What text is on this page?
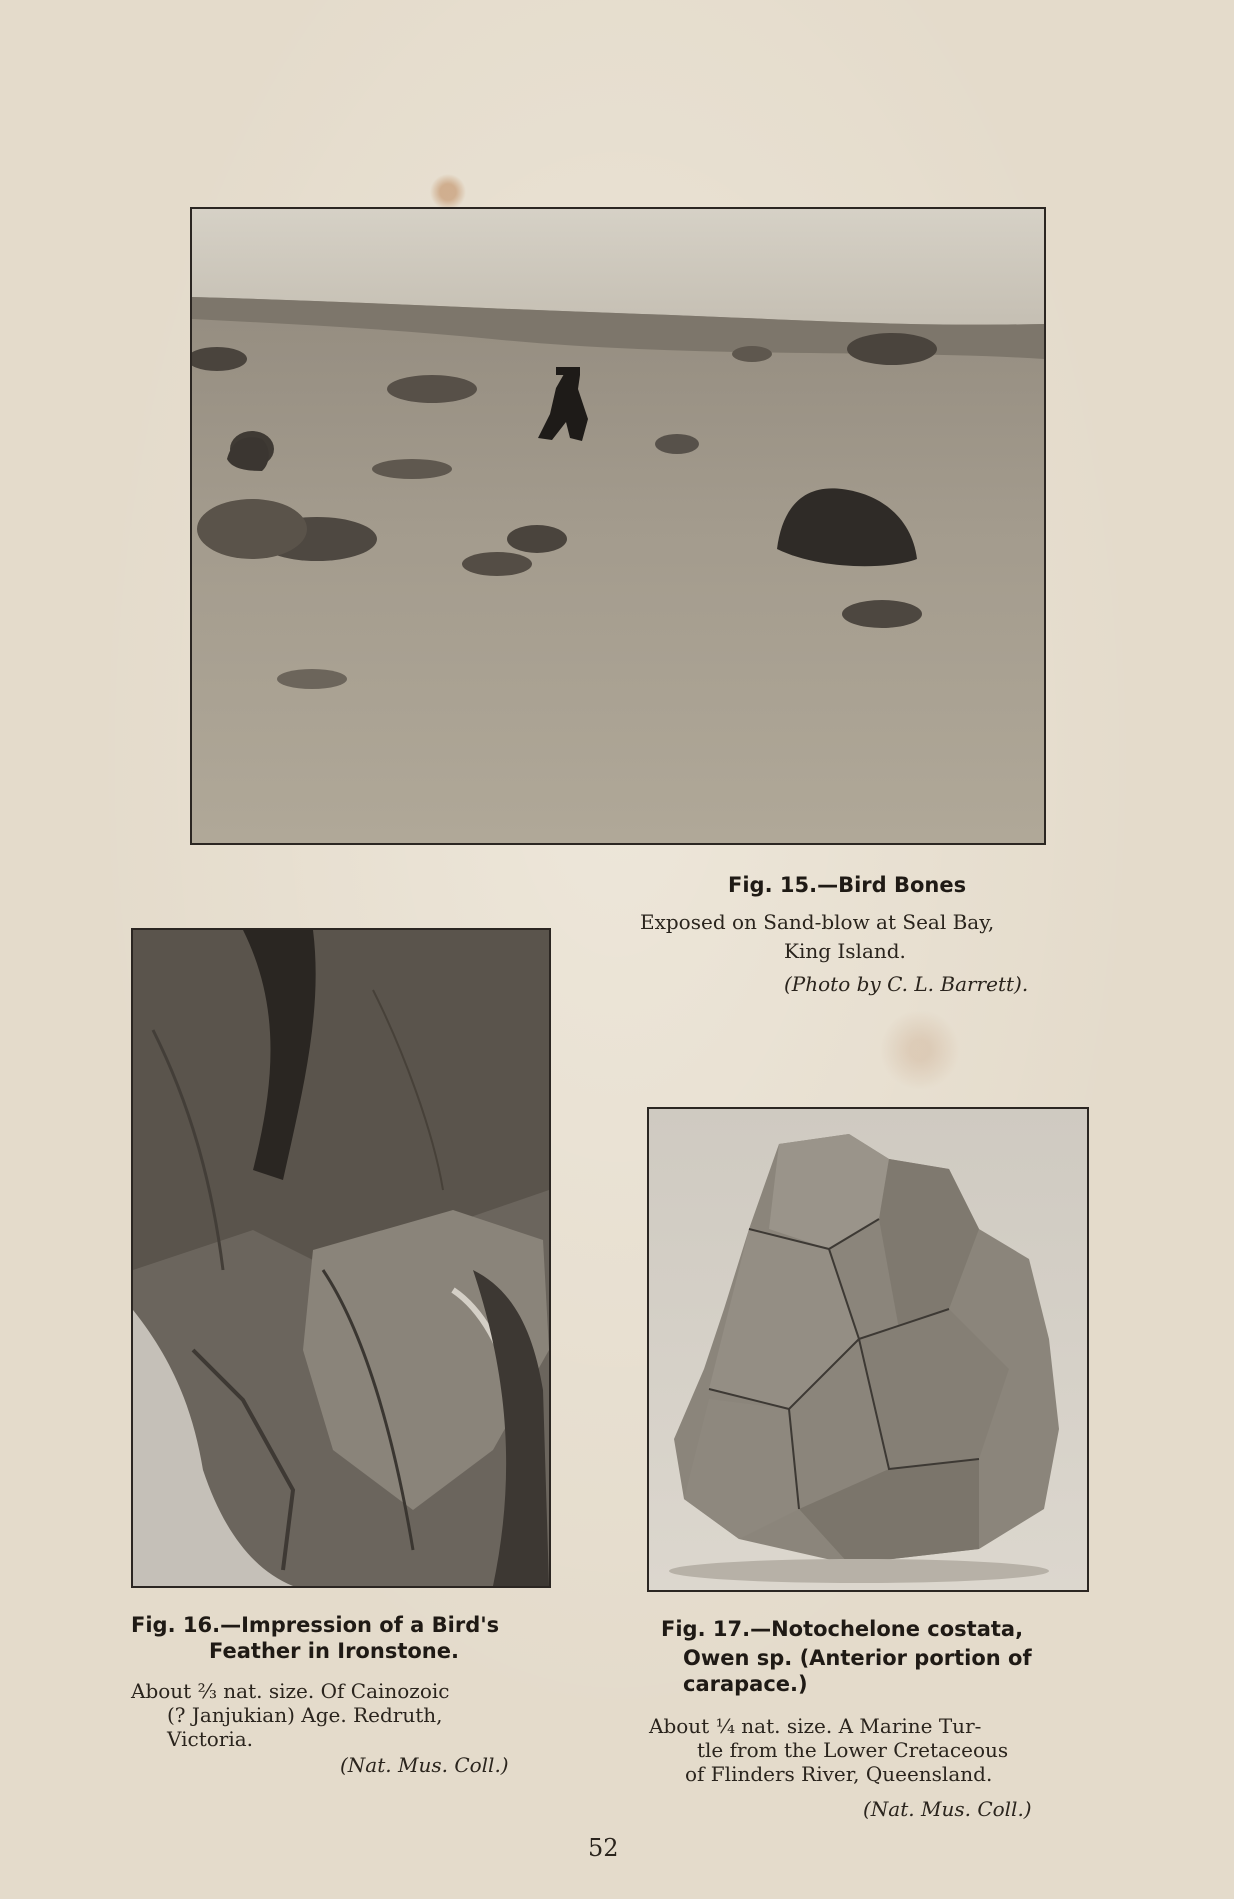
Fig. 15.—Bird Bones

Exposed on Sand-blow at Seal Bay,

King Island.

(Photo by C. L. Barrett).

Fig. 16.—Impression of a Bird's

Feather in Ironstone.

About ⅔ nat. size. Of Cainozoic

(? Janjukian) Age. Redruth,

Victoria.

(Nat. Mus. Coll.)

Fig. 17.—Notochelone costata,

Owen sp. (Anterior portion of

carapace.)

About ¼ nat. size. A Marine Tur-

tle from the Lower Cretaceous

of Flinders River, Queensland.

(Nat. Mus. Coll.)

52
